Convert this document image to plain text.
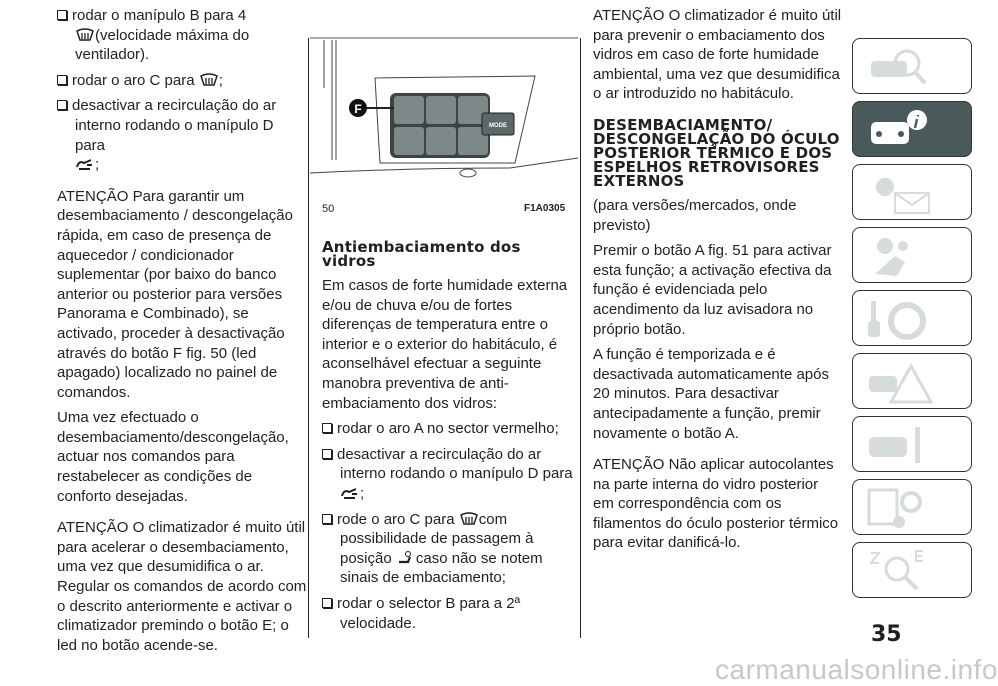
rodar o manípulo B para 4
(velocidade máxima do ventilador).
rodar o aro C para ;
desactivar a recirculação do ar interno rodando o manípulo D para
;

ATENÇÃO Para garantir um desembaciamento / descongelação rápida, em caso de presença de aquecedor / condicionador suplementar (por baixo do banco anterior ou posterior para versões Panorama e Combinado), se activado, proceder à desactivação através do botão F fig. 50 (led apagado) localizado no painel de comandos.

Uma vez efectuado o desembaciamento/descongelação, actuar nos comandos para restabelecer as condições de conforto desejadas.

ATENÇÃO O climatizador é muito útil para acelerar o desembaciamento, uma vez que desumidifica o ar. Regular os comandos de acordo com o descrito anteriormente e activar o climatizador premindo o botão E; o led no botão acende-se.

MODE
F
50	F1A0305
Antiembaciamento dos vidros

Em casos de forte humidade externa e/ou de chuva e/ou de fortes diferenças de temperatura entre o interior e o exterior do habitáculo, é aconselhável efectuar a seguinte manobra preventiva de anti-embaciamento dos vidros:

rodar o aro A no sector vermelho;
desactivar a recirculação do ar interno rodando o manípulo D para
;
rode o aro C para com possibilidade de passagem à posição caso não se notem sinais de embaciamento;
rodar o selector B para a 2ª velocidade.

ATENÇÃO O climatizador é muito útil para prevenir o embaciamento dos vidros em caso de forte humidade ambiental, uma vez que desumidifica o ar introduzido no habitáculo.

DESEMBACIAMENTO/ DESCONGELAÇÃO DO ÓCULO POSTERIOR TÉRMICO E DOS ESPELHOS RETROVISORES EXTERNOS

(para versões/mercados, onde previsto)

Premir o botão A fig. 51 para activar esta função; a activação efectiva da função é evidenciada pelo acendimento da luz avisadora no próprio botão.

A função é temporizada e é desactivada automaticamente após 20 minutos. Para desactivar antecipadamente a função, premir novamente o botão A.

ATENÇÃO Não aplicar autocolantes na parte interna do vidro posterior em correspondência com os filamentos do óculo posterior térmico para evitar danificá-lo.

35
carmanualsonline.info
